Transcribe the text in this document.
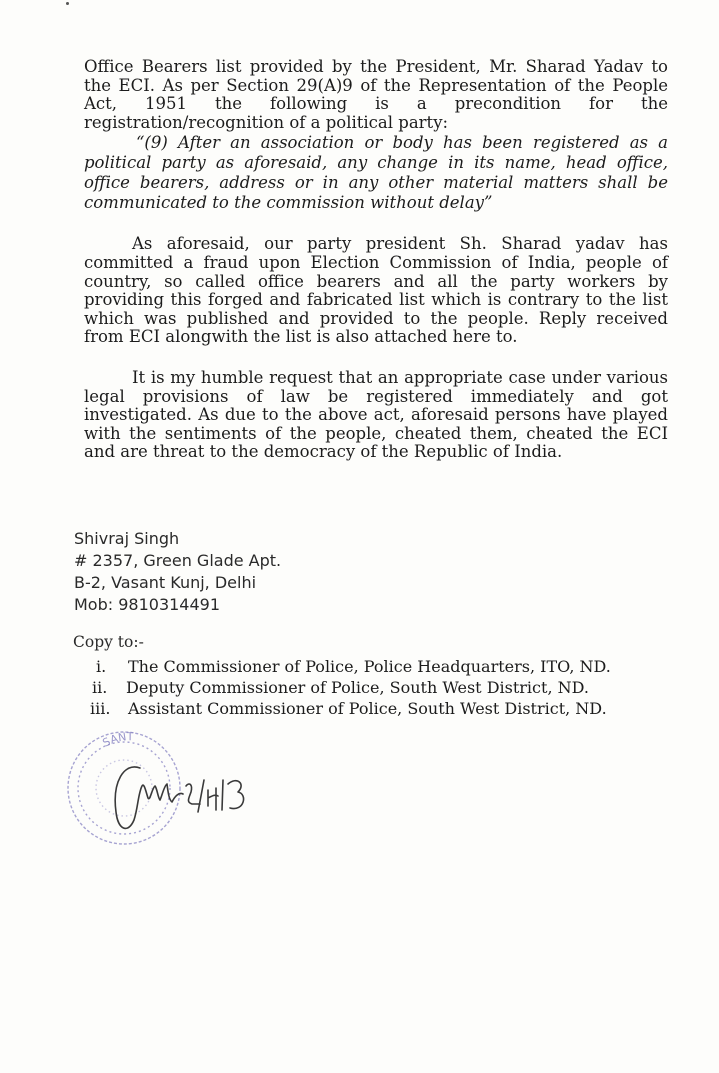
Office Bearers list provided by the President, Mr. Sharad Yadav to the ECI. As per Section 29(A)9 of the Representation of the People Act, 1951 the following is a precondition for the registration/recognition of a political party:

“(9) After an association or body has been registered as a political party as aforesaid, any change in its name, head office, office bearers, address or in any other material matters shall be communicated to the commission without delay”

As aforesaid, our party president Sh. Sharad yadav has committed a fraud upon Election Commission of India, people of country, so called office bearers and all the party workers by providing this forged and fabricated list which is contrary to the list which was published and provided to the people. Reply received from ECI alongwith the list is also attached here to.

It is my humble request that an appropriate case under various legal provisions of law be registered immediately and got investigated. As due to the above act, aforesaid persons have played with the sentiments of the people, cheated them, cheated the ECI and are threat to the democracy of the Republic of India.

Shivraj Singh
# 2357, Green Glade Apt.
B-2, Vasant Kunj, Delhi
Mob: 9810314491
Copy to:-
i. The Commissioner of Police, Police Headquarters, ITO, ND.
ii. Deputy Commissioner of Police, South West District, ND.
iii. Assistant Commissioner of Police, South West District, ND.
SANT
